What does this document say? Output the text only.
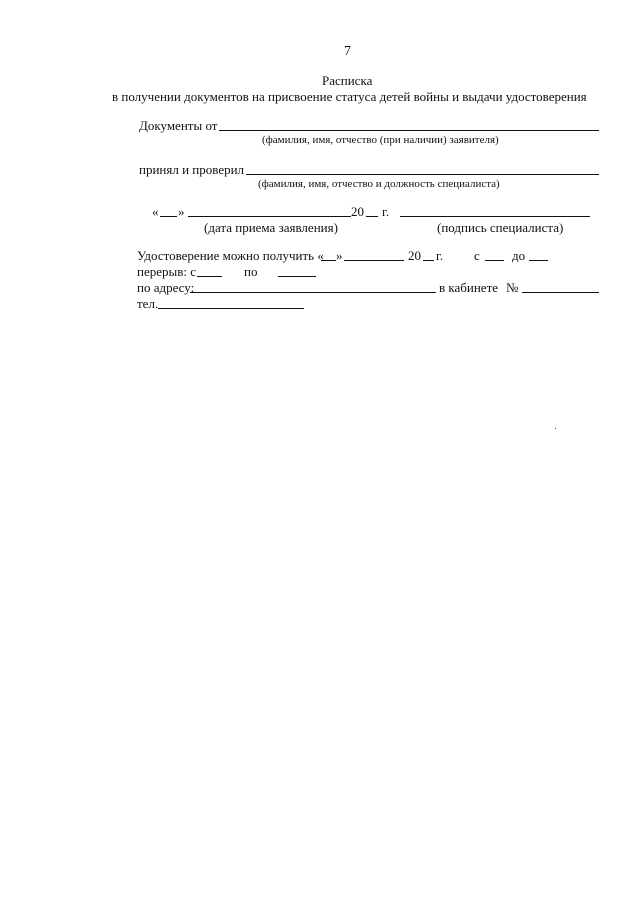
7
Расписка
в получении документов на присвоение статуса детей войны и выдачи удостоверения
Документы от
(фамилия, имя, отчество (при наличии) заявителя)
принял и проверил
(фамилия, имя, отчество и должность специалиста)
« »	20 г.
(дата приема заявления)	(подпись специалиста)
Удостоверение можно получить « »	20 г. с до
перерыв: с	по
по адресу:	в кабинете №
тел.
